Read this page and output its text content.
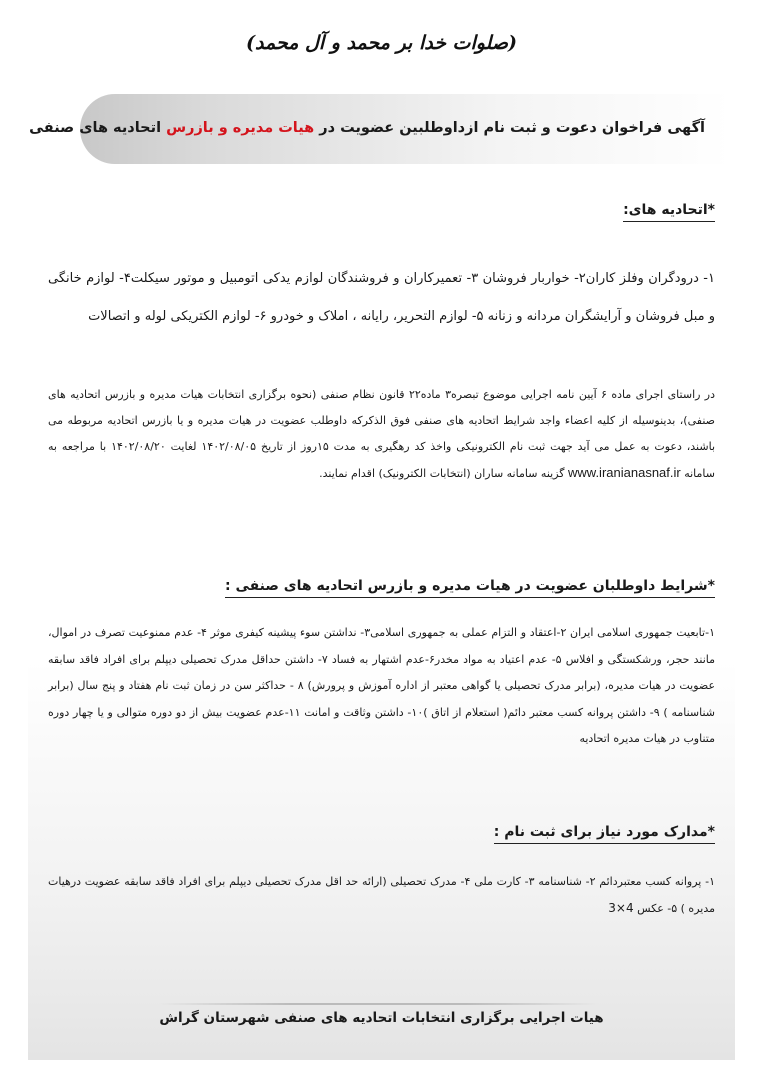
(صلوات خدا بر محمد و آل محمد)
آگهی فراخوان دعوت و ثبت نام ازداوطلبین عضویت در هیات مدیره و بازرس اتحادیه های صنفی
*اتحادیه های:
۱- درودگران وفلز کاران۲- خواربار فروشان ۳- تعمیرکاران و فروشندگان لوازم یدکی اتومبیل و موتور سیکلت۴- لوازم خانگی و مبل فروشان و آرایشگران مردانه و زنانه ۵- لوازم التحریر، رایانه ، املاک و خودرو ۶- لوازم الکتریکی لوله و اتصالات
در راستای اجرای ماده ۶ آیین نامه اجرایی موضوع تبصره۳ ماده۲۲ قانون نظام صنفی (نحوه برگزاری انتخابات هیات مدیره و بازرس اتحادیه های صنفی)، بدینوسیله از کلیه اعضاء واجد شرایط اتحادیه های صنفی فوق الذکرکه داوطلب عضویت در هیات مدیره و یا بازرس اتحادیه مربوطه می باشند، دعوت به عمل می آید جهت ثبت نام الکترونیکی واخذ کد رهگیری به مدت ۱۵روز از تاریخ ۱۴۰۲/۰۸/۰۵ لغایت ۱۴۰۲/۰۸/۲۰ با مراجعه به سامانه www.iranianasnaf.ir گزینه سامانه ساران (انتخابات الکترونیک) اقدام نمایند.
*شرایط داوطلبان عضویت در هیات مدیره و بازرس اتحادیه های صنفی :
۱-تابعیت جمهوری اسلامی ایران ۲-اعتقاد و التزام عملی به جمهوری اسلامی۳- نداشتن سوء پیشینه کیفری موثر ۴- عدم ممنوعیت تصرف در اموال، مانند حجر، ورشکستگی و افلاس ۵- عدم اعتیاد به مواد مخدر۶-عدم اشتهار به فساد ۷- داشتن حداقل مدرک تحصیلی دیپلم برای افراد فاقد سابقه عضویت در هیات مدیره، (برابر مدرک تحصیلی یا گواهی معتبر از اداره آموزش و پرورش) ۸ - حداکثر سن در زمان ثبت نام هفتاد و پنج سال (برابر شناسنامه ) ۹- داشتن پروانه کسب معتبر دائم( استعلام از اتاق )۱۰- داشتن وثاقت و امانت ۱۱-عدم عضویت بیش از دو دوره متوالی و یا چهار دوره متناوب در هیات مدیره اتحادیه
*مدارک مورد نیاز برای ثبت نام :
۱- پروانه کسب معتبردائم ۲- شناسنامه ۳- کارت ملی ۴- مدرک تحصیلی (ارائه حد اقل مدرک تحصیلی دیپلم برای افراد فاقد سابقه عضویت درهیات مدیره ) ۵- عکس 3×4
هیات اجرایی برگزاری انتخابات اتحادیه های صنفی شهرستان گراش
